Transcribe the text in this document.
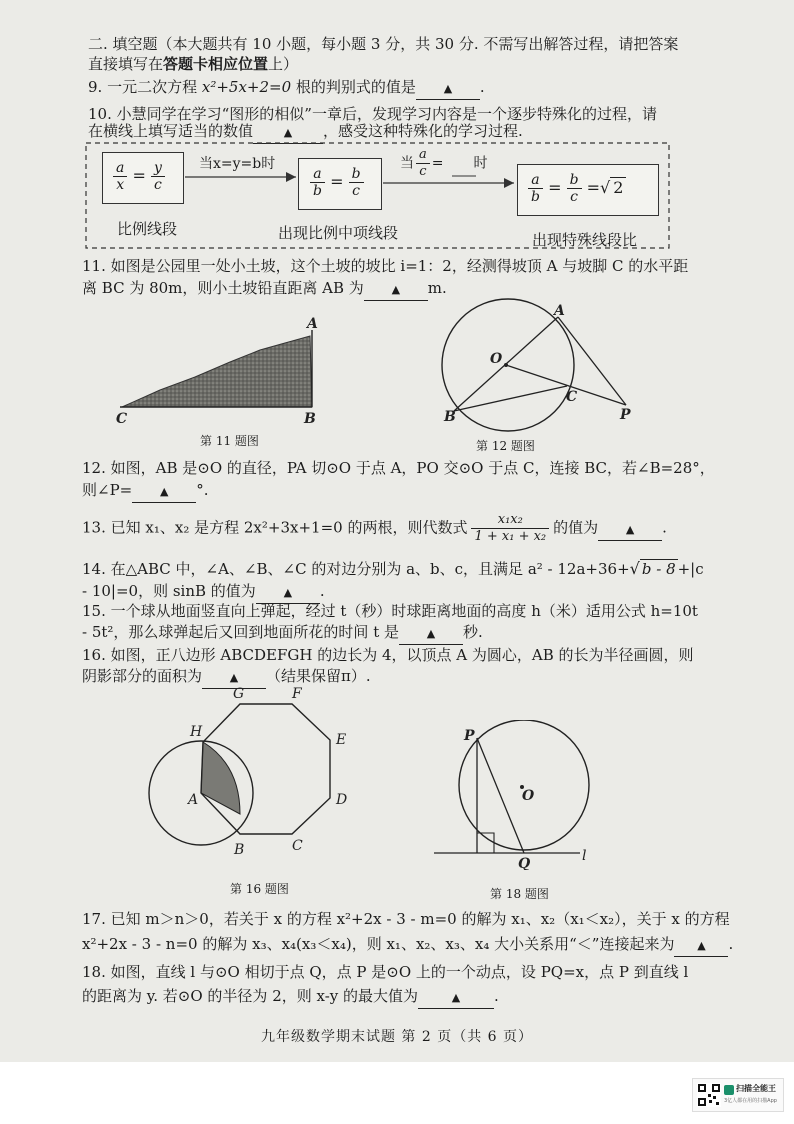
二. 填空题（本大题共有 10 小题，每小题 3 分，共 30 分. 不需写出解答过程，请把答案
直接填写在答题卡相应位置上）
9. 一元二次方程 x²+5x+2=0 根的判别式的值是	▲ .
10. 小慧同学在学习“图形的相似”一章后，发现学习内容是一个逐步特殊化的过程，请
在横线上填写适当的数值	▲ ，感受这种特殊化的学习过程.
$\frac{a}{x} = \frac{y}{c}$ 当x=y=b时
$\frac{a}{b} = \frac{b}{c}$
当 $\frac{a}{c}$ = 时
$\frac{a}{b} = \frac{b}{c}$ =√ 2
比例线段	出现比例中项线段	出现特殊线段比
11. 如图是公园里一处小土坡，这个土坡的坡比 i=1：2，经测得坡顶 A 与坡脚 C 的水平距
离 BC 为 80m，则小土坡铅直距离 AB 为	▲ m.
A
B
C
第 11 题图
A
O
B
C
P
第 12 题图
12. 如图，AB 是⊙O 的直径，PA 切⊙O 于点 A，PO 交⊙O 于点 C，连接 BC，若∠B=28°，
则∠P=	▲ °.
13. 已知 x₁、x₂ 是方程 2x²+3x+1=0 的两根，则代数式 $\frac{\text{x₁x₂}}{\text{1 + x₁ + x₂}}$ 的值为	▲ .
14. 在△ABC 中，∠A、∠B、∠C 的对边分别为 a、b、c，且满足 a² - 12a+36+√ b - 8 +|c
- 10|=0，则 sinB 的值为	▲ .
15. 一个球从地面竖直向上弹起，经过 t（秒）时球距离地面的高度 h（米）适用公式 h=10t
- 5t²，那么球弹起后又回到地面所花的时间 t 是	▲ 秒.
16. 如图，正八边形 ABCDEFGH 的边长为 4，以顶点 A 为圆心，AB 的长为半径画圆，则
阴影部分的面积为	▲ （结果保留π）.
G	F
E
D
C
B
A
H
第 16 题图
P
O
Q	l
第 18 题图
17. 已知 m＞n＞0，若关于 x 的方程 x²+2x - 3 - m=0 的解为 x₁、x₂（x₁＜x₂），关于 x 的方程
x²+2x - 3 - n=0 的解为 x₃、x₄(x₃＜x₄)，则 x₁、x₂、x₃、x₄ 大小关系用“＜”连接起来为 ▲ .
18. 如图，直线 l 与⊙O 相切于点 Q，点 P 是⊙O 上的一个动点，设 PQ=x，点 P 到直线 l
的距离为 y. 若⊙O 的半径为 2，则 x-y 的最大值为	▲ .
九年级数学期末试题 第 2 页（共 6 页）
扫描全能王
3亿人都在用的扫描App
